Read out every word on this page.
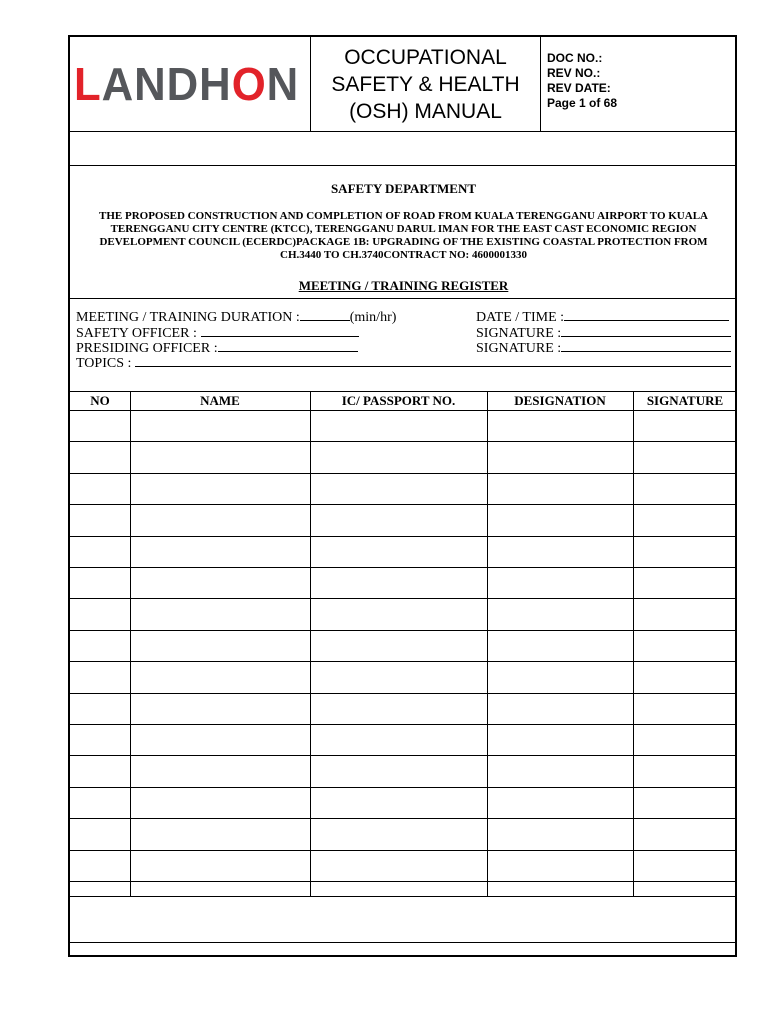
LANDHON
OCCUPATIONAL
SAFETY & HEALTH
(OSH) MANUAL
DOC NO.:
REV NO.:
REV DATE:
Page 1 of 68
SAFETY DEPARTMENT
THE PROPOSED CONSTRUCTION AND COMPLETION OF ROAD FROM KUALA TERENGGANU AIRPORT TO KUALA TERENGGANU CITY CENTRE (KTCC), TERENGGANU DARUL IMAN FOR THE EAST CAST ECONOMIC REGION DEVELOPMENT COUNCIL (ECERDC)PACKAGE 1B: UPGRADING OF THE EXISTING COASTAL PROTECTION FROM CH.3440 TO CH.3740CONTRACT NO: 4600001330
MEETING / TRAINING REGISTER
MEETING / TRAINING DURATION :	(min/hr)
SAFETY OFFICER :
PRESIDING OFFICER :
TOPICS :
DATE / TIME :
SIGNATURE :
SIGNATURE :
NO	NAME	IC/ PASSPORT NO.	DESIGNATION	SIGNATURE
